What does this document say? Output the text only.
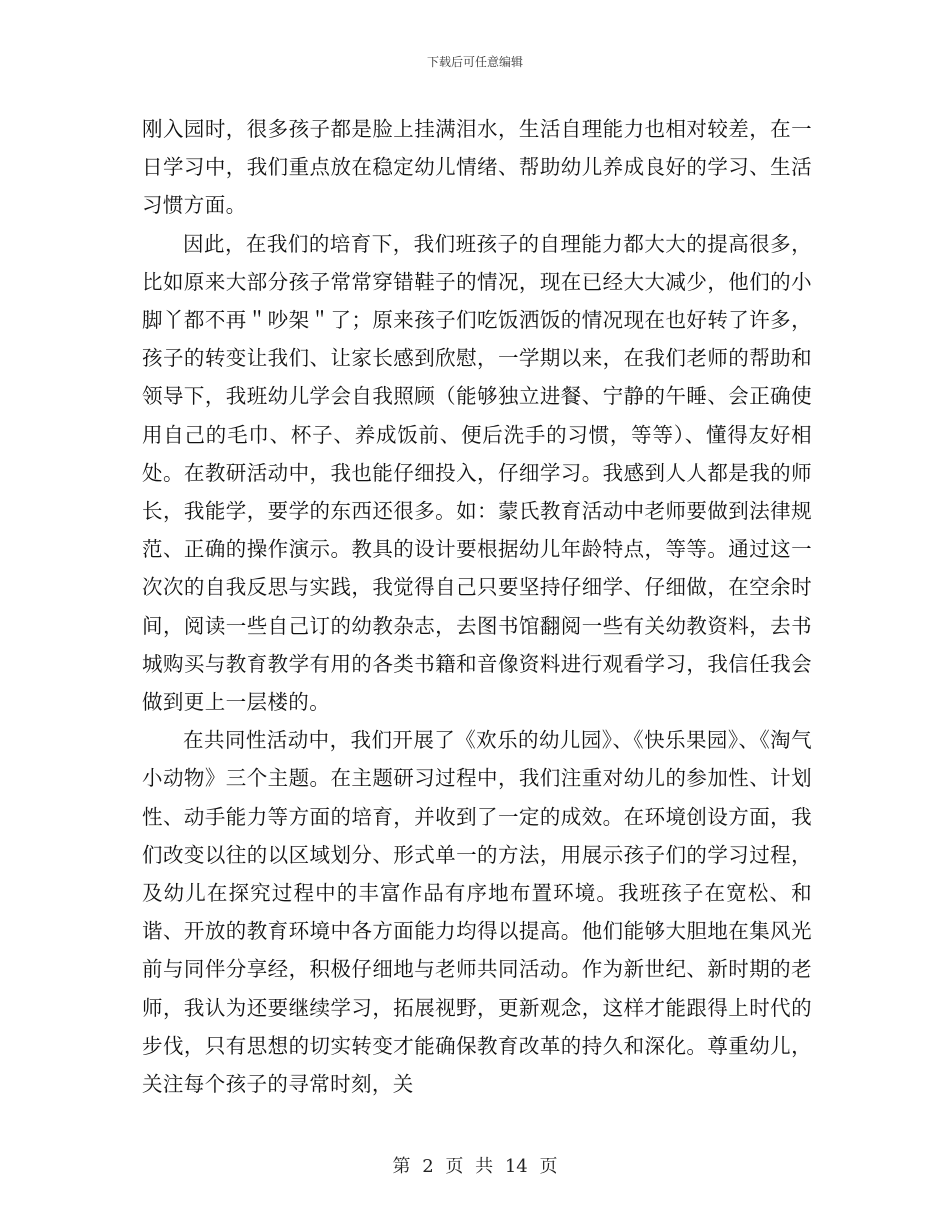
下载后可任意编辑

刚入园时，很多孩子都是脸上挂满泪水，生活自理能力也相对较差，在一日学习中，我们重点放在稳定幼儿情绪、帮助幼儿养成良好的学习、生活习惯方面。

因此，在我们的培育下，我们班孩子的自理能力都大大的提高很多，比如原来大部分孩子常常穿错鞋子的情况，现在已经大大减少，他们的小脚丫都不再＂吵架＂了；原来孩子们吃饭洒饭的情况现在也好转了许多，孩子的转变让我们、让家长感到欣慰，一学期以来，在我们老师的帮助和领导下，我班幼儿学会自我照顾（能够独立进餐、宁静的午睡、会正确使用自己的毛巾、杯子、养成饭前、便后洗手的习惯，等等）、懂得友好相处。在教研活动中，我也能仔细投入，仔细学习。我感到人人都是我的师长，我能学，要学的东西还很多。如：蒙氏教育活动中老师要做到法律规范、正确的操作演示。教具的设计要根据幼儿年龄特点，等等。通过这一次次的自我反思与实践，我觉得自己只要坚持仔细学、仔细做，在空余时间，阅读一些自己订的幼教杂志，去图书馆翻阅一些有关幼教资料，去书城购买与教育教学有用的各类书籍和音像资料进行观看学习，我信任我会做到更上一层楼的。

在共同性活动中，我们开展了《欢乐的幼儿园》、《快乐果园》、《淘气小动物》三个主题。在主题研习过程中，我们注重对幼儿的参加性、计划性、动手能力等方面的培育，并收到了一定的成效。在环境创设方面，我们改变以往的以区域划分、形式单一的方法，用展示孩子们的学习过程，及幼儿在探究过程中的丰富作品有序地布置环境。我班孩子在宽松、和谐、开放的教育环境中各方面能力均得以提高。他们能够大胆地在集风光前与同伴分享经，积极仔细地与老师共同活动。作为新世纪、新时期的老师，我认为还要继续学习，拓展视野，更新观念，这样才能跟得上时代的步伐，只有思想的切实转变才能确保教育改革的持久和深化。尊重幼儿，关注每个孩子的寻常时刻，关

第 2 页 共 14 页
